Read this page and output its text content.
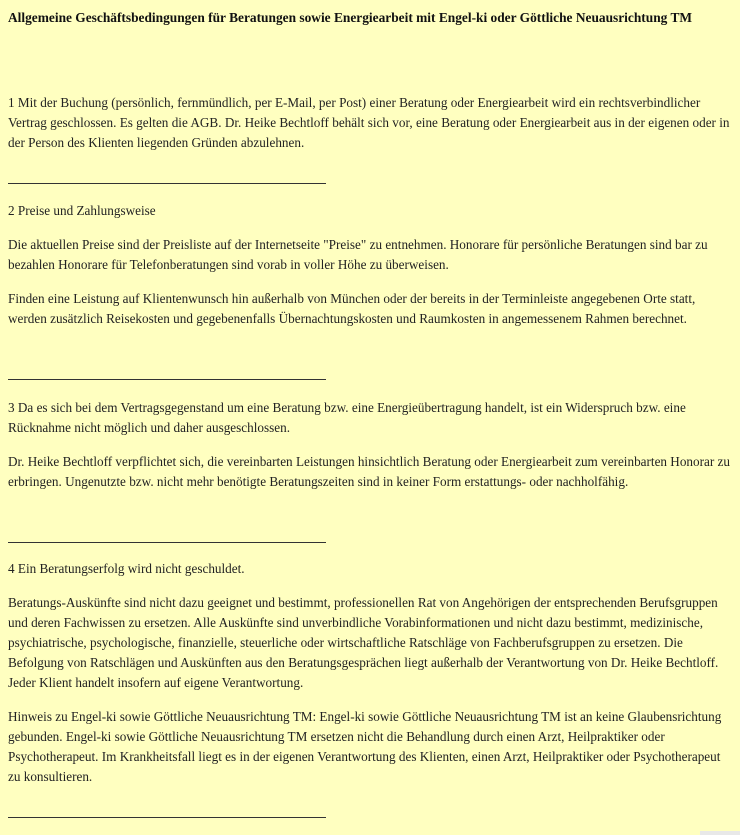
Allgemeine Geschäftsbedingungen für Beratungen sowie Energiearbeit mit Engel-ki oder Göttliche Neuausrichtung TM

1 Mit der Buchung (persönlich, fernmündlich, per E-Mail, per Post) einer Beratung oder Energiearbeit wird ein rechtsverbindlicher Vertrag geschlossen. Es gelten die AGB. Dr. Heike Bechtloff behält sich vor, eine Beratung oder Energiearbeit aus in der eigenen oder in der Person des Klienten liegenden Gründen abzulehnen.

2 Preise und Zahlungsweise

Die aktuellen Preise sind der Preisliste auf der Internetseite "Preise" zu entnehmen. Honorare für persönliche Beratungen sind bar zu bezahlen Honorare für Telefonberatungen sind vorab in voller Höhe zu überweisen.

Finden eine Leistung auf Klientenwunsch hin außerhalb von München oder der bereits in der Terminleiste angegebenen Orte statt, werden zusätzlich Reisekosten und gegebenenfalls Übernachtungskosten und Raumkosten in angemessenem Rahmen berechnet.

3 Da es sich bei dem Vertragsgegenstand um eine Beratung bzw. eine Energieübertragung handelt, ist ein Widerspruch bzw. eine Rücknahme nicht möglich und daher ausgeschlossen.

Dr. Heike Bechtloff verpflichtet sich, die vereinbarten Leistungen hinsichtlich Beratung oder Energiearbeit zum vereinbarten Honorar zu erbringen. Ungenutzte bzw. nicht mehr benötigte Beratungszeiten sind in keiner Form erstattungs- oder nachholfähig.

4 Ein Beratungserfolg wird nicht geschuldet.

Beratungs-Auskünfte sind nicht dazu geeignet und bestimmt, professionellen Rat von Angehörigen der entsprechenden Berufsgruppen und deren Fachwissen zu ersetzen. Alle Auskünfte sind unverbindliche Vorabinformationen und nicht dazu bestimmt, medizinische, psychiatrische, psychologische, finanzielle, steuerliche oder wirtschaftliche Ratschläge von Fachberufsgruppen zu ersetzen. Die Befolgung von Ratschlägen und Auskünften aus den Beratungsgesprächen liegt außerhalb der Verantwortung von Dr. Heike Bechtloff. Jeder Klient handelt insofern auf eigene Verantwortung.

Hinweis zu Engel-ki sowie Göttliche Neuausrichtung TM: Engel-ki sowie Göttliche Neuausrichtung TM ist an keine Glaubensrichtung gebunden. Engel-ki sowie Göttliche Neuausrichtung TM ersetzen nicht die Behandlung durch einen Arzt, Heilpraktiker oder Psychotherapeut. Im Krankheitsfall liegt es in der eigenen Verantwortung des Klienten, einen Arzt, Heilpraktiker oder Psychotherapeut zu konsultieren.
